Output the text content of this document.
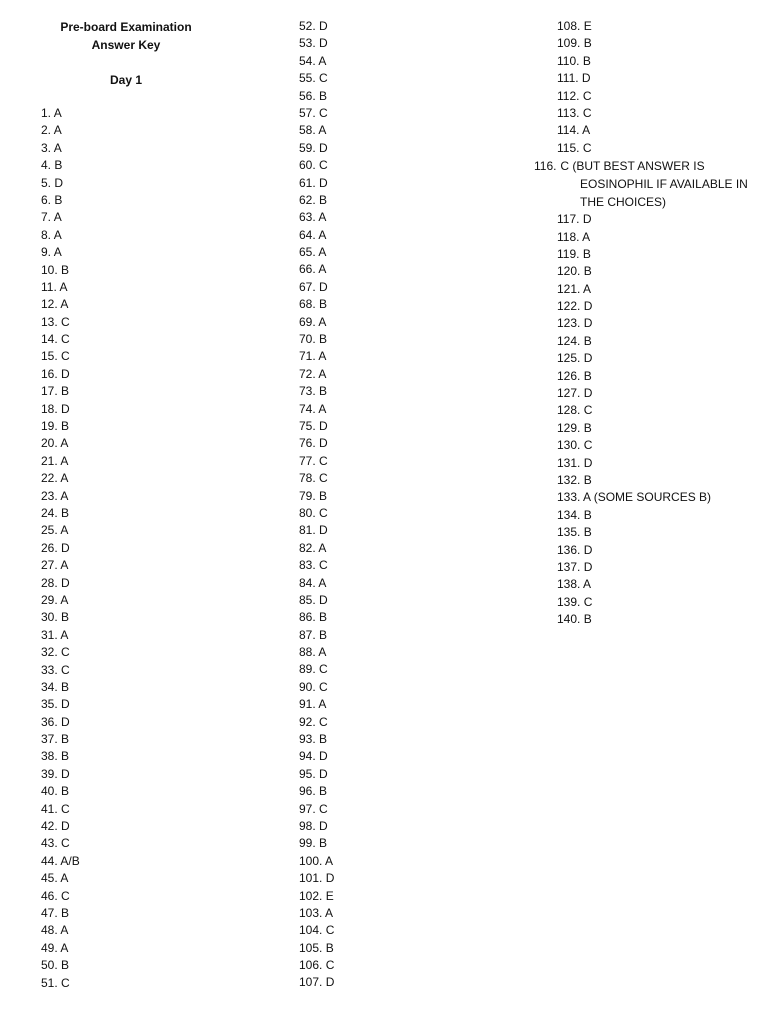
Pre-board Examination
Answer Key
Day 1
1. A
2. A
3. A
4. B
5. D
6. B
7. A
8. A
9. A
10. B
11. A
12. A
13. C
14. C
15. C
16. D
17. B
18. D
19. B
20. A
21. A
22. A
23. A
24. B
25. A
26. D
27. A
28. D
29. A
30. B
31. A
32. C
33. C
34. B
35. D
36. D
37. B
38. B
39. D
40. B
41. C
42. D
43. C
44. A/B
45. A
46. C
47. B
48. A
49. A
50. B
51. C
52. D
53. D
54. A
55. C
56. B
57. C
58. A
59. D
60. C
61. D
62. B
63. A
64. A
65. A
66. A
67. D
68. B
69. A
70. B
71. A
72. A
73. B
74. A
75. D
76. D
77. C
78. C
79. B
80. C
81. D
82. A
83. C
84. A
85. D
86. B
87. B
88. A
89. C
90. C
91. A
92. C
93. B
94. D
95. D
96. B
97. C
98. D
99. B
100. A
101. D
102. E
103. A
104. C
105. B
106. C
107. D
108. E
109. B
110. B
111. D
112. C
113. C
114. A
115. C
116. C (BUT BEST ANSWER IS EOSINOPHIL IF AVAILABLE IN THE CHOICES)
117. D
118. A
119. B
120. B
121. A
122. D
123. D
124. B
125. D
126. B
127. D
128. C
129. B
130. C
131. D
132. B
133. A (SOME SOURCES B)
134. B
135. B
136. D
137. D
138. A
139. C
140. B
